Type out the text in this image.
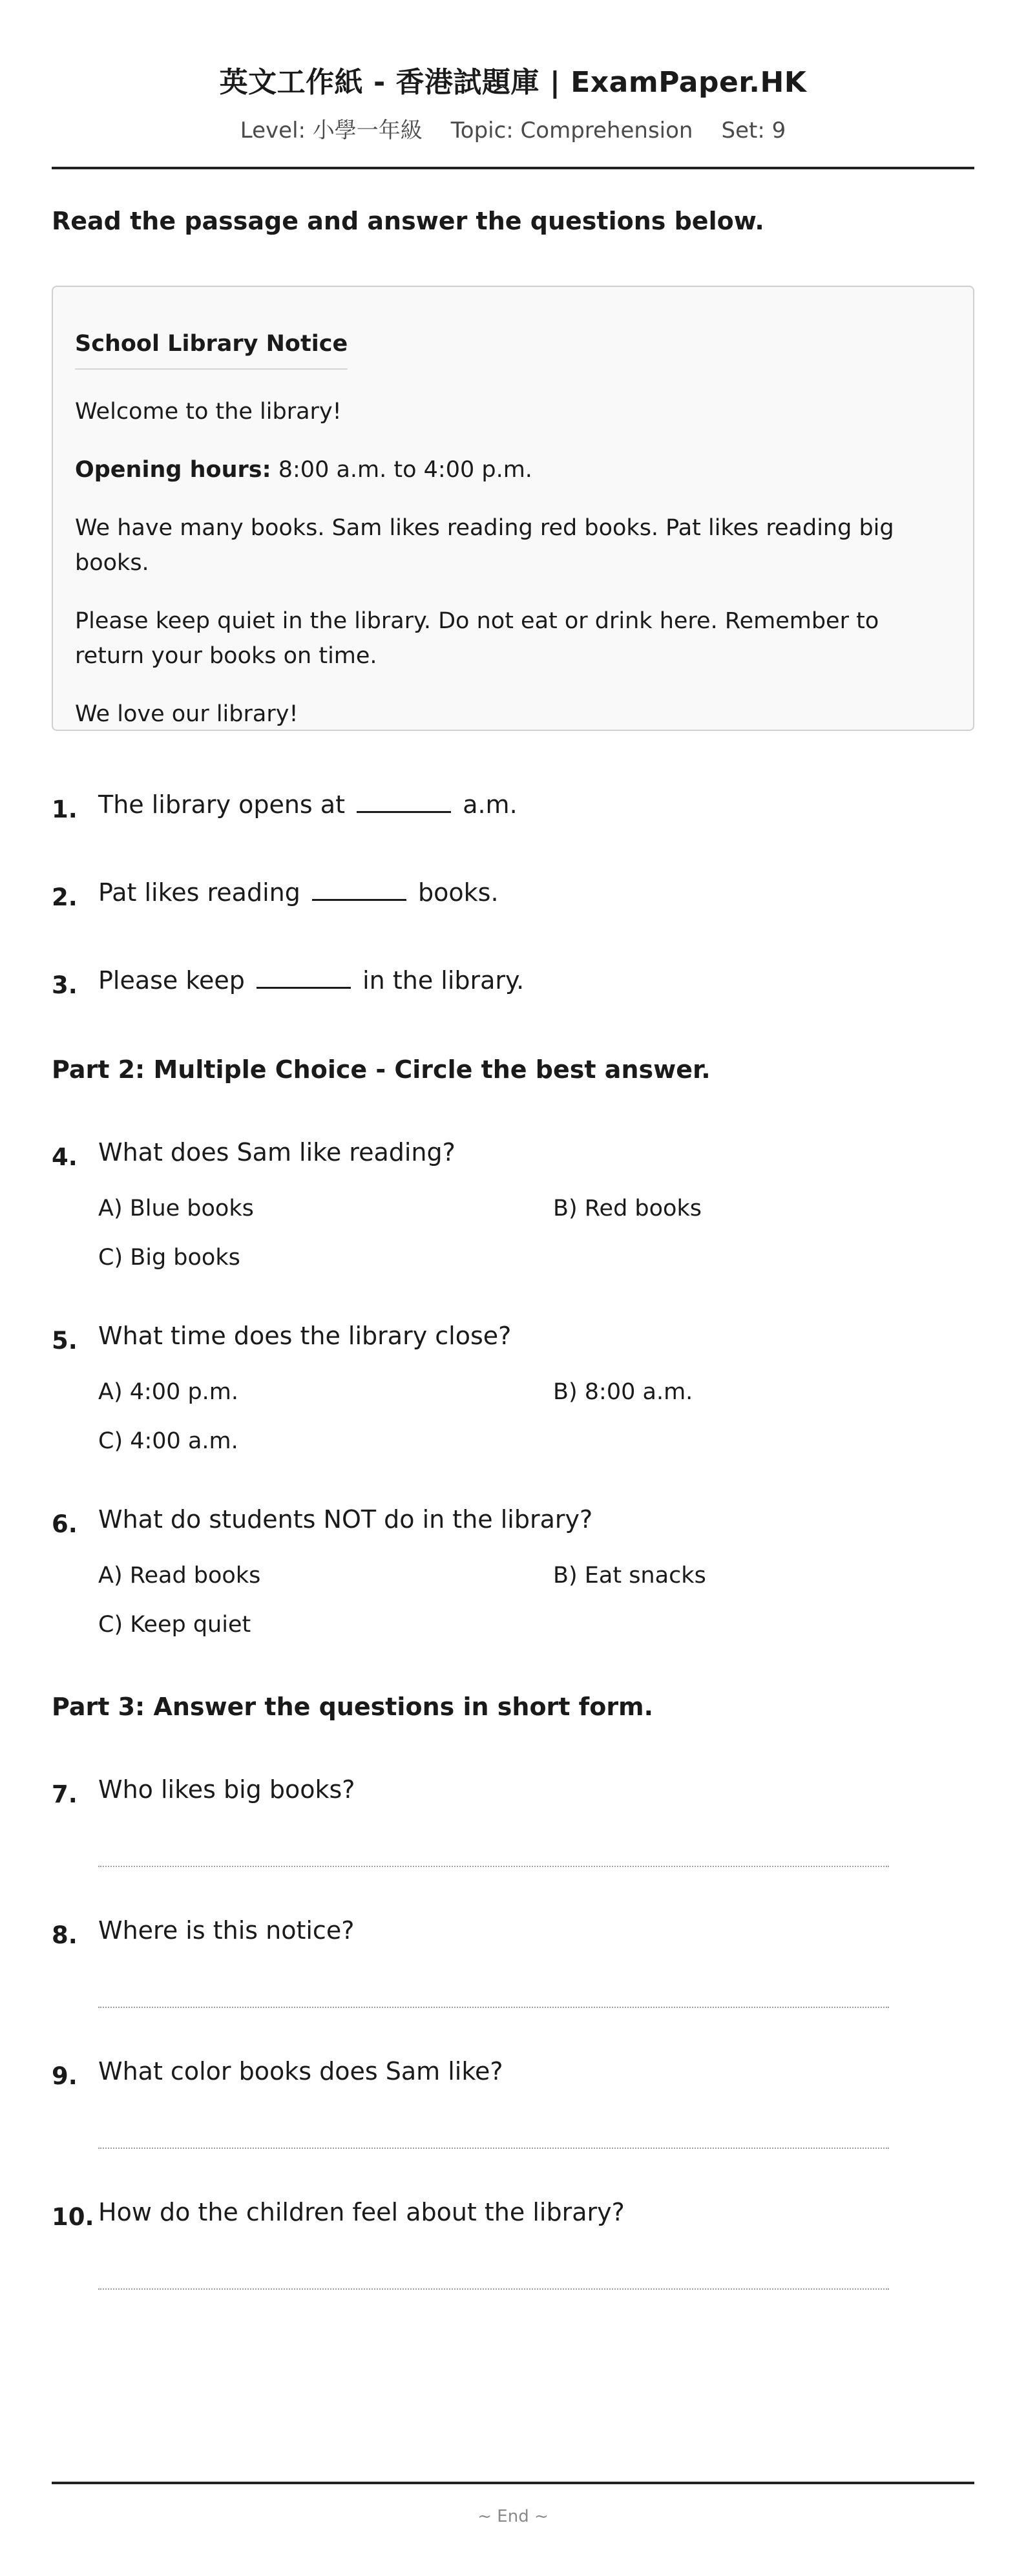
英文工作紙 - 香港試題庫 | ExamPaper.HK
Level: 小學一年級 Topic: Comprehension Set: 9
Read the passage and answer the questions below.
School Library Notice

Welcome to the library!

Opening hours: 8:00 a.m. to 4:00 p.m.

We have many books. Sam likes reading red books. Pat likes reading big books.

Please keep quiet in the library. Do not eat or drink here. Remember to return your books on time.

We love our library!

1. The library opens at	a.m.
2. Pat likes reading	books.
3. Please keep	in the library.
Part 2: Multiple Choice - Circle the best answer.
4. What does Sam like reading?
A) Blue books	B) Red books
C) Big books
5. What time does the library close?
A) 4:00 p.m.	B) 8:00 a.m.
C) 4:00 a.m.
6. What do students NOT do in the library?
A) Read books	B) Eat snacks
C) Keep quiet
Part 3: Answer the questions in short form.
7. Who likes big books?
8. Where is this notice?
9. What color books does Sam like?
10. How do the children feel about the library?
~ End ~
